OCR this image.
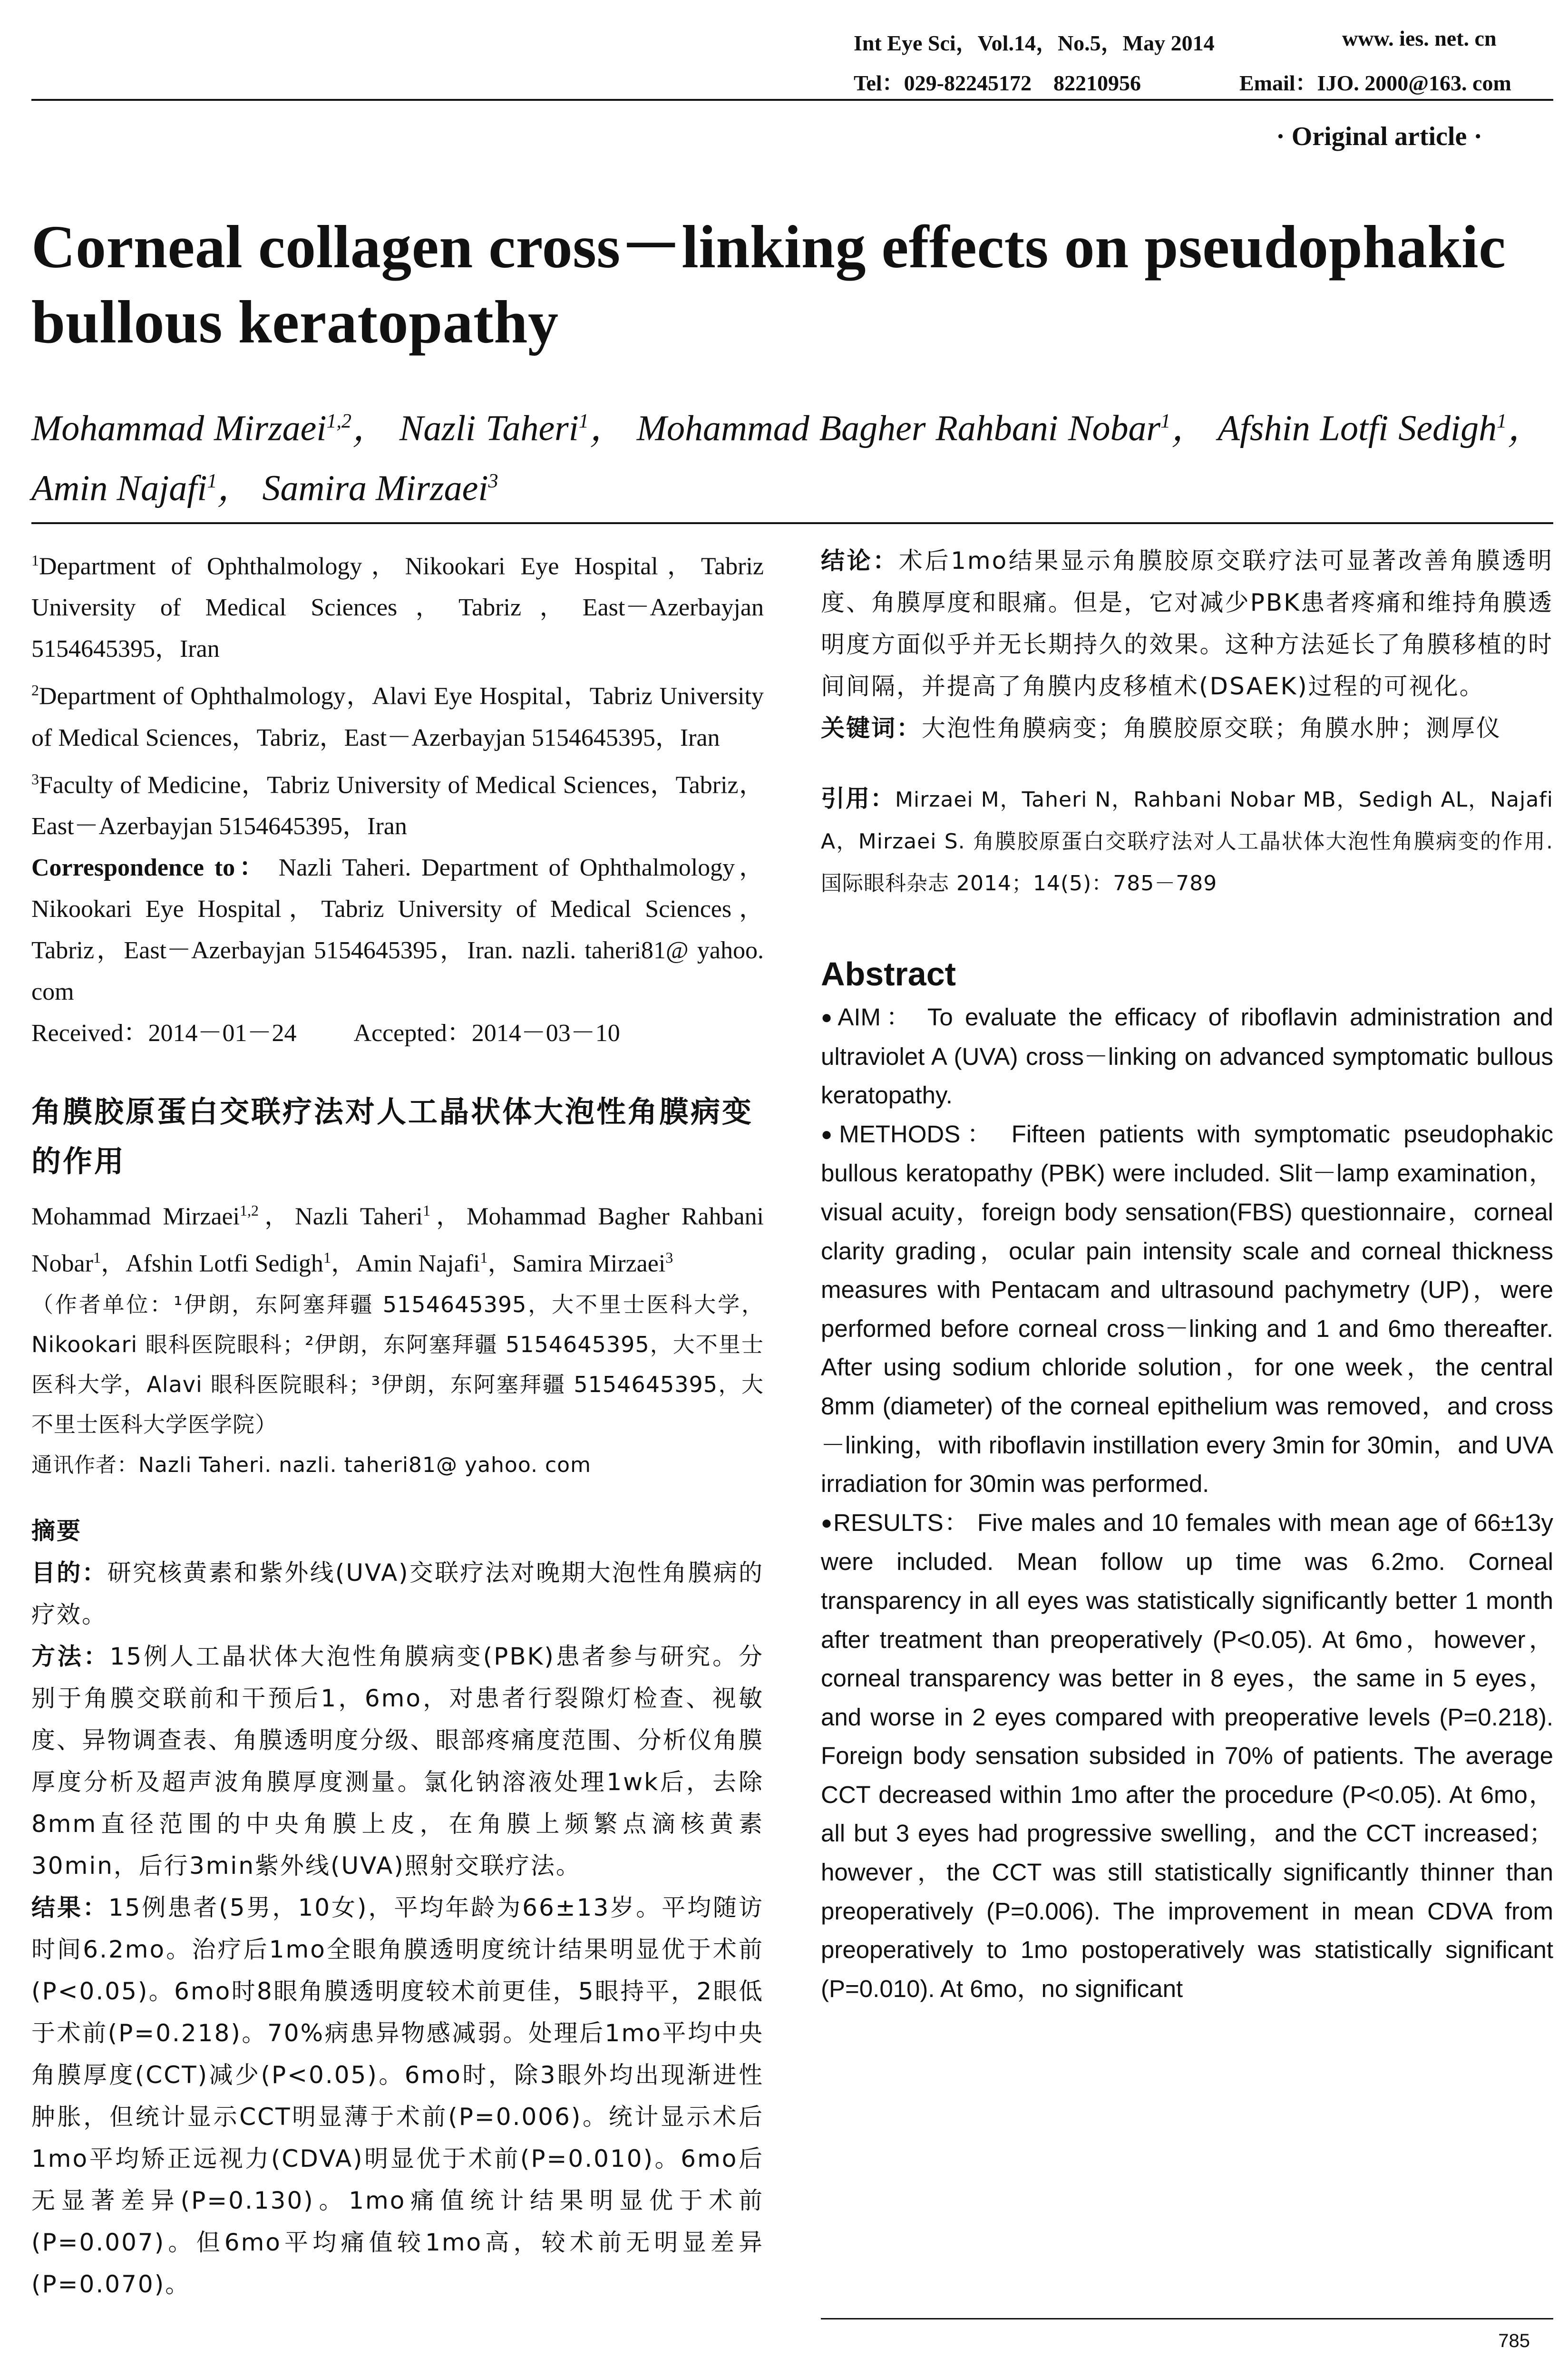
Int Eye Sci，Vol.14，No.5，May 2014	www. ies. net. cn
Tel：029-82245172　82210956	Email：IJO. 2000@163. com
· Original article ·
Corneal collagen cross－linking effects on pseudophakic bullous keratopathy
Mohammad Mirzaei$^{1,2}$， Nazli Taheri$^1$， Mohammad Bagher Rahbani Nobar$^1$， Afshin Lotfi Sedigh$^1$， Amin Najafi$^1$， Samira Mirzaei$^3$

$^1$Department of Ophthalmology，Nikookari Eye Hospital，Tabriz University of Medical Sciences，Tabriz，East－Azerbayjan 5154645395，Iran

$^2$Department of Ophthalmology，Alavi Eye Hospital，Tabriz University of Medical Sciences，Tabriz，East－Azerbayjan 5154645395，Iran

$^3$Faculty of Medicine，Tabriz University of Medical Sciences，Tabriz，East－Azerbayjan 5154645395，Iran

Correspondence to： Nazli Taheri. Department of Ophthalmology，Nikookari Eye Hospital，Tabriz University of Medical Sciences，Tabriz，East－Azerbayjan 5154645395，Iran. nazli. taheri81@ yahoo. com

Received：2014－01－24 Accepted：2014－03－10

角膜胶原蛋白交联疗法对人工晶状体大泡性角膜病变的作用

Mohammad Mirzaei$^{1,2}$，Nazli Taheri$^1$，Mohammad Bagher Rahbani Nobar$^1$，Afshin Lotfi Sedigh$^1$，Amin Najafi$^1$，Samira Mirzaei$^3$

（作者单位：¹伊朗，东阿塞拜疆 5154645395，大不里士医科大学，Nikookari 眼科医院眼科；²伊朗，东阿塞拜疆 5154645395，大不里士医科大学，Alavi 眼科医院眼科；³伊朗，东阿塞拜疆 5154645395，大不里士医科大学医学院）

通讯作者：Nazli Taheri. nazli. taheri81@ yahoo. com

摘要

目的：研究核黄素和紫外线(UVA)交联疗法对晚期大泡性角膜病的疗效。

方法：15例人工晶状体大泡性角膜病变(PBK)患者参与研究。分别于角膜交联前和干预后1，6mo，对患者行裂隙灯检查、视敏度、异物调查表、角膜透明度分级、眼部疼痛度范围、分析仪角膜厚度分析及超声波角膜厚度测量。氯化钠溶液处理1wk后，去除8mm直径范围的中央角膜上皮，在角膜上频繁点滴核黄素30min，后行3min紫外线(UVA)照射交联疗法。

结果：15例患者(5男，10女)，平均年龄为66±13岁。平均随访时间6.2mo。治疗后1mo全眼角膜透明度统计结果明显优于术前(P<0.05)。6mo时8眼角膜透明度较术前更佳，5眼持平，2眼低于术前(P=0.218)。70%病患异物感减弱。处理后1mo平均中央角膜厚度(CCT)减少(P<0.05)。6mo时，除3眼外均出现渐进性肿胀，但统计显示CCT明显薄于术前(P=0.006)。统计显示术后1mo平均矫正远视力(CDVA)明显优于术前(P=0.010)。6mo后无显著差异(P=0.130)。1mo痛值统计结果明显优于术前(P=0.007)。但6mo平均痛值较1mo高，较术前无明显差异(P=0.070)。

结论：术后1mo结果显示角膜胶原交联疗法可显著改善角膜透明度、角膜厚度和眼痛。但是，它对减少PBK患者疼痛和维持角膜透明度方面似乎并无长期持久的效果。这种方法延长了角膜移植的时间间隔，并提高了角膜内皮移植术(DSAEK)过程的可视化。

关键词：大泡性角膜病变；角膜胶原交联；角膜水肿；测厚仪

引用：Mirzaei M，Taheri N，Rahbani Nobar MB，Sedigh AL，Najafi A，Mirzaei S. 角膜胶原蛋白交联疗法对人工晶状体大泡性角膜病变的作用. 国际眼科杂志 2014；14(5)：785－789

Abstract

●AIM： To evaluate the efficacy of riboflavin administration and ultraviolet A (UVA) cross－linking on advanced symptomatic bullous keratopathy.

●METHODS： Fifteen patients with symptomatic pseudophakic bullous keratopathy (PBK) were included. Slit－lamp examination，visual acuity，foreign body sensation(FBS) questionnaire，corneal clarity grading，ocular pain intensity scale and corneal thickness measures with Pentacam and ultrasound pachymetry (UP)，were performed before corneal cross－linking and 1 and 6mo thereafter. After using sodium chloride solution，for one week，the central 8mm (diameter) of the corneal epithelium was removed，and cross－linking，with riboflavin instillation every 3min for 30min，and UVA irradiation for 30min was performed.

●RESULTS： Five males and 10 females with mean age of 66±13y were included. Mean follow up time was 6.2mo. Corneal transparency in all eyes was statistically significantly better 1 month after treatment than preoperatively (P<0.05). At 6mo，however，corneal transparency was better in 8 eyes，the same in 5 eyes，and worse in 2 eyes compared with preoperative levels (P=0.218). Foreign body sensation subsided in 70% of patients. The average CCT decreased within 1mo after the procedure (P<0.05). At 6mo，all but 3 eyes had progressive swelling，and the CCT increased；however，the CCT was still statistically significantly thinner than preoperatively (P=0.006). The improvement in mean CDVA from preoperatively to 1mo postoperatively was statistically significant (P=0.010). At 6mo，no significant

785
